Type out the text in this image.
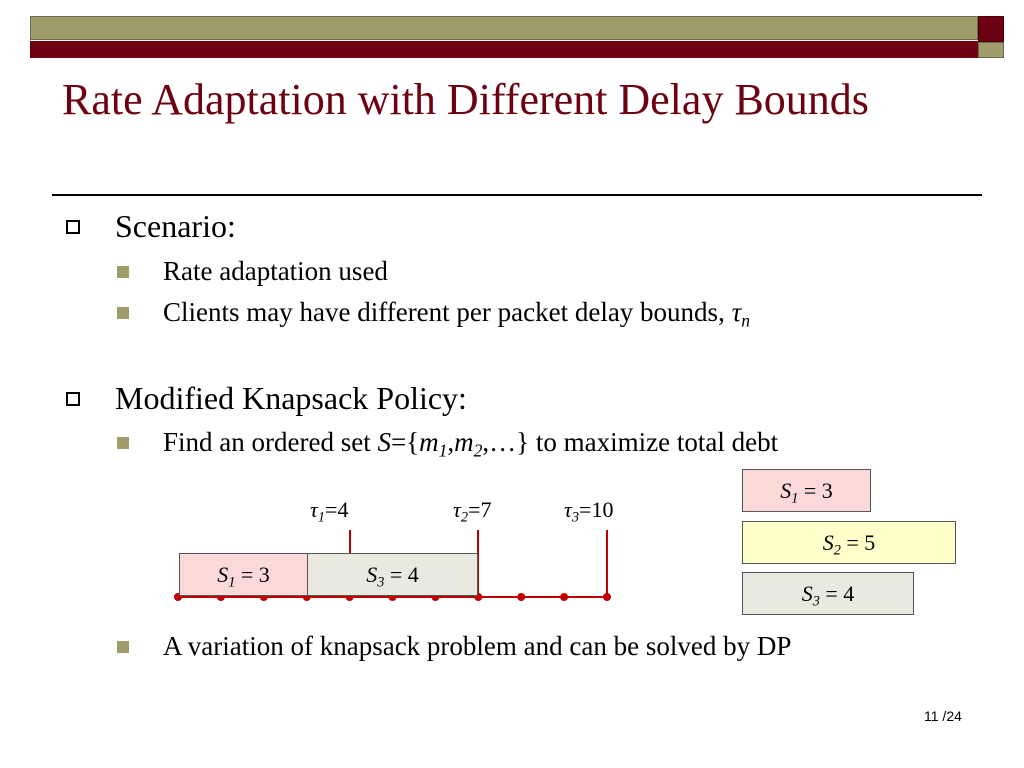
Rate Adaptation with Different Delay Bounds
Scenario:
Rate adaptation used
Clients may have different per packet delay bounds, $\tau_n$
Modified Knapsack Policy:
Find an ordered set $S=\{m_1,m_2,\dots\}$ to maximize total debt
A variation of knapsack problem and can be solved by DP
$\tau_1=4$	$\tau_2=7$	$\tau_3=10$
$S_1 = 3$	$S_3 = 4$
$S_1 = 3$
$S_2 = 5$
$S_3 = 4$
11 /24
